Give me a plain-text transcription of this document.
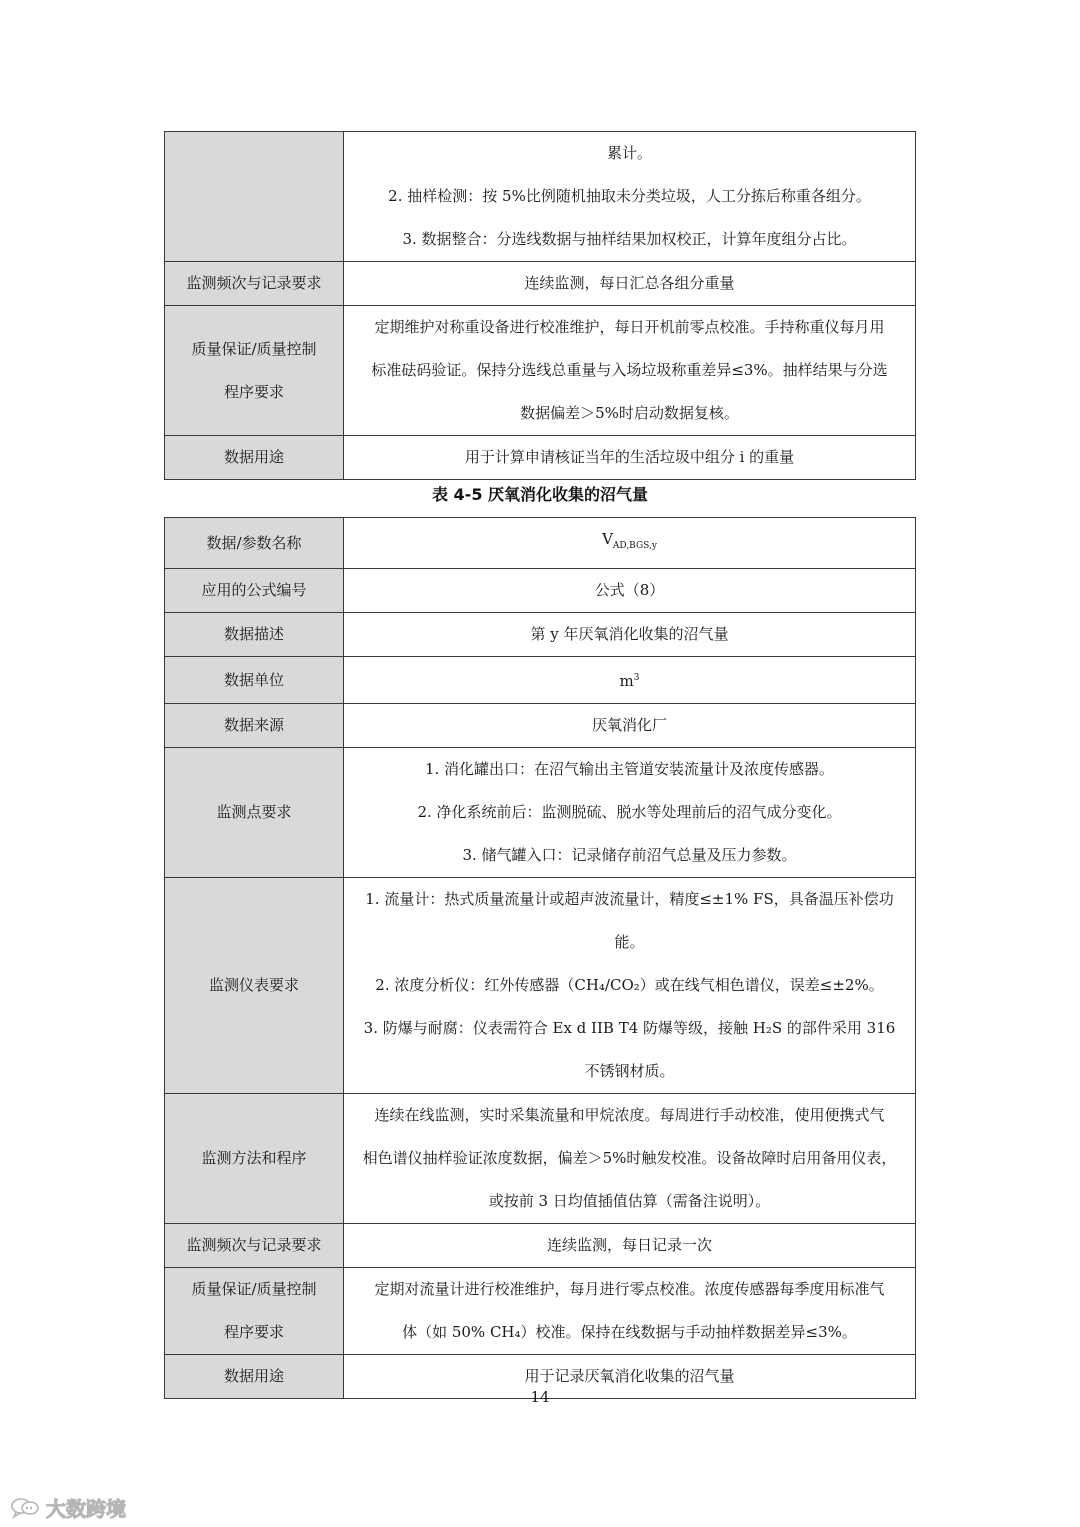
	累计。
2. 抽样检测：按 5%比例随机抽取未分类垃圾，人工分拣后称重各组分。
3. 数据整合：分选线数据与抽样结果加权校正，计算年度组分占比。

监测频次与记录要求	连续监测，每日汇总各组分重量

质量保证/质量控制
程序要求	定期维护对称重设备进行校准维护，每日开机前零点校准。手持称重仪每月用
标准砝码验证。保持分选线总重量与入场垃圾称重差异≤3%。抽样结果与分选
数据偏差＞5%时启动数据复核。

数据用途	用于计算申请核证当年的生活垃圾中组分 i 的重量
表 4-5 厌氧消化收集的沼气量
数据/参数名称	$V_{AD,BGS,y}$
应用的公式编号	公式（8）
数据描述	第 y 年厌氧消化收集的沼气量
数据单位	$m^3$
数据来源	厌氧消化厂
监测点要求	1. 消化罐出口：在沼气输出主管道安装流量计及浓度传感器。
2. 净化系统前后：监测脱硫、脱水等处理前后的沼气成分变化。
3. 储气罐入口：记录储存前沼气总量及压力参数。

监测仪表要求	1. 流量计：热式质量流量计或超声波流量计，精度≤±1% FS，具备温压补偿功
能。
2. 浓度分析仪：红外传感器（CH₄/CO₂）或在线气相色谱仪，误差≤±2%。
3. 防爆与耐腐：仪表需符合 Ex d IIB T4 防爆等级，接触 H₂S 的部件采用 316
不锈钢材质。

监测方法和程序	连续在线监测，实时采集流量和甲烷浓度。每周进行手动校准，使用便携式气
相色谱仪抽样验证浓度数据，偏差＞5%时触发校准。设备故障时启用备用仪表，
或按前 3 日均值插值估算（需备注说明）。

监测频次与记录要求	连续监测，每日记录一次

质量保证/质量控制
程序要求	定期对流量计进行校准维护，每月进行零点校准。浓度传感器每季度用标准气
体（如 50% CH₄）校准。保持在线数据与手动抽样数据差异≤3%。

数据用途	用于记录厌氧消化收集的沼气量
14
大数跨境
